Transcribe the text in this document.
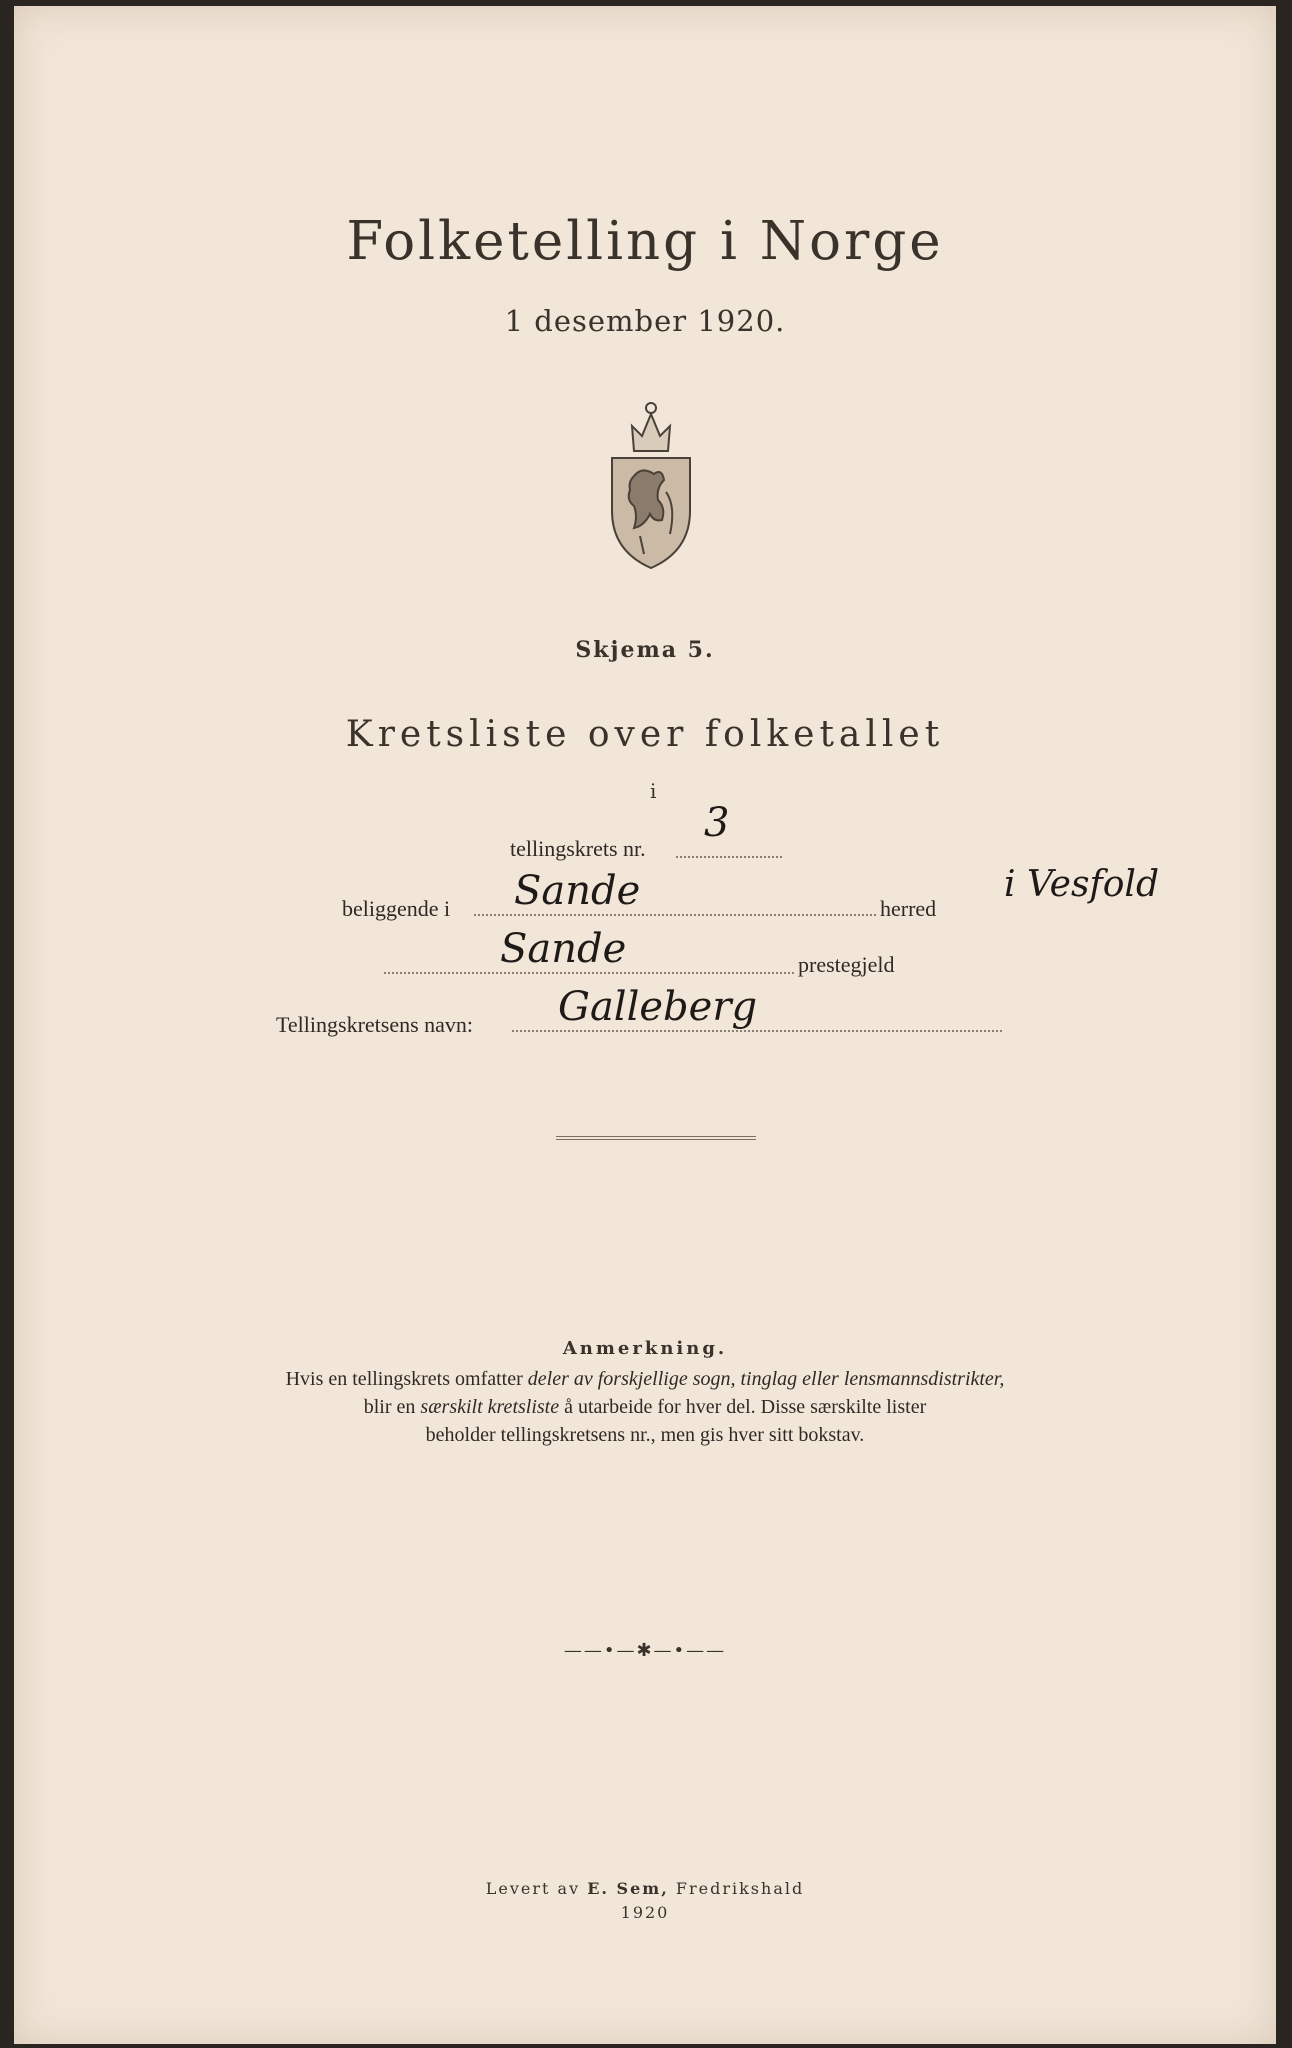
Folketelling i Norge
1 desember 1920.
Skjema 5.
Kretsliste over folketallet
i
tellingskrets nr.
3
beliggende i Sande	herred
i Vesfold
Sande	prestegjeld
Tellingskretsens navn: Galleberg
Anmerkning.
Hvis en tellingskrets omfatter deler av forskjellige sogn, tinglag eller lensmannsdistrikter,
blir en særskilt kretsliste å utarbeide for hver del. Disse særskilte lister
beholder tellingskretsens nr., men gis hver sitt bokstav.
——•—✱—•——
Levert av E. Sem, Fredrikshald
1920
